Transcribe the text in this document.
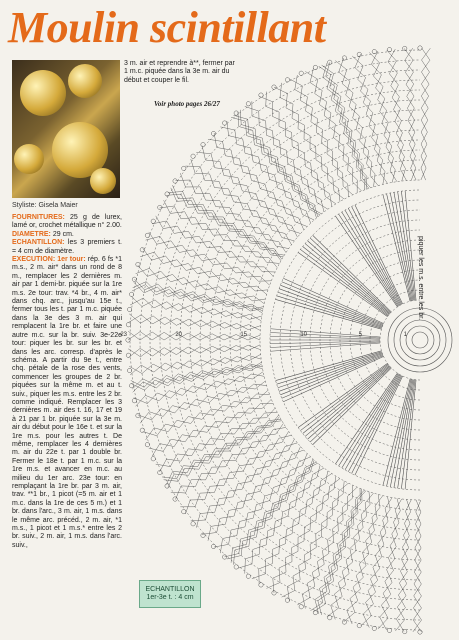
Moulin scintillant
Styliste: Gisela Maier
FOURNITURES: 25 g de lurex, lamé or, crochet métallique n° 2.00.
DIAMETRE: 29 cm.
ECHANTILLON: les 3 premiers t. = 4 cm de diamètre.
EXECUTION: 1er tour: rép. 6 fs *1 m.s., 2 m. air* dans un rond de 8 m., remplacer les 2 dernières m. air par 1 demi-br. piquée sur la 1re m.s. 2e tour: trav. *4 br., 4 m. air* dans chq. arc., jusqu'au 15e t., fermer tous les t. par 1 m.c. piquée dans la 3e des 3 m. air qui remplacent la 1re br. et faire une autre m.c. sur la br. suiv. 3e-22e tour: piquer les br. sur les br. et dans les arc. corresp. d'après le schéma. A partir du 9e t., entre chq. pétale de la rose des vents, commencer les groupes de 2 br. piquées sur la même m. et au t. suiv., piquer les m.s. entre les 2 br. comme indiqué. Remplacer les 3 dernières m. air des t. 16, 17 et 19 à 21 par 1 br. piquée sur la 3e m. air du début pour le 16e t. et sur la 1re m.s. pour les autres t. De même, remplacer les 4 dernières m. air du 22e t. par 1 double br. Fermer le 18e t. par 1 m.c. sur la 1re m.s. et avancer en m.c. au milieu du 1er arc. 23e tour: en remplaçant la 1re br. par 3 m. air, trav. **1 br., 1 picot (=5 m. air et 1 m.c. dans la 1re de ces 5 m.) et 1 br. dans l'arc., 3 m. air, 1 m.s. dans le même arc. précéd., 2 m. air, *1 m.s., 1 picot et 1 m.s.* entre les 2 br. suiv., 2 m. air, 1 m.s. dans l'arc. suiv.,
3 m. air et reprendre à**, fermer par 1 m.c. piquée dans la 3e m. air du début et couper le fil.
Voir photo pages 26/27
1
5
10
15
20
23
piquer les m.s. entre les br.
ECHANTILLON
1er-3e t. : 4 cm
